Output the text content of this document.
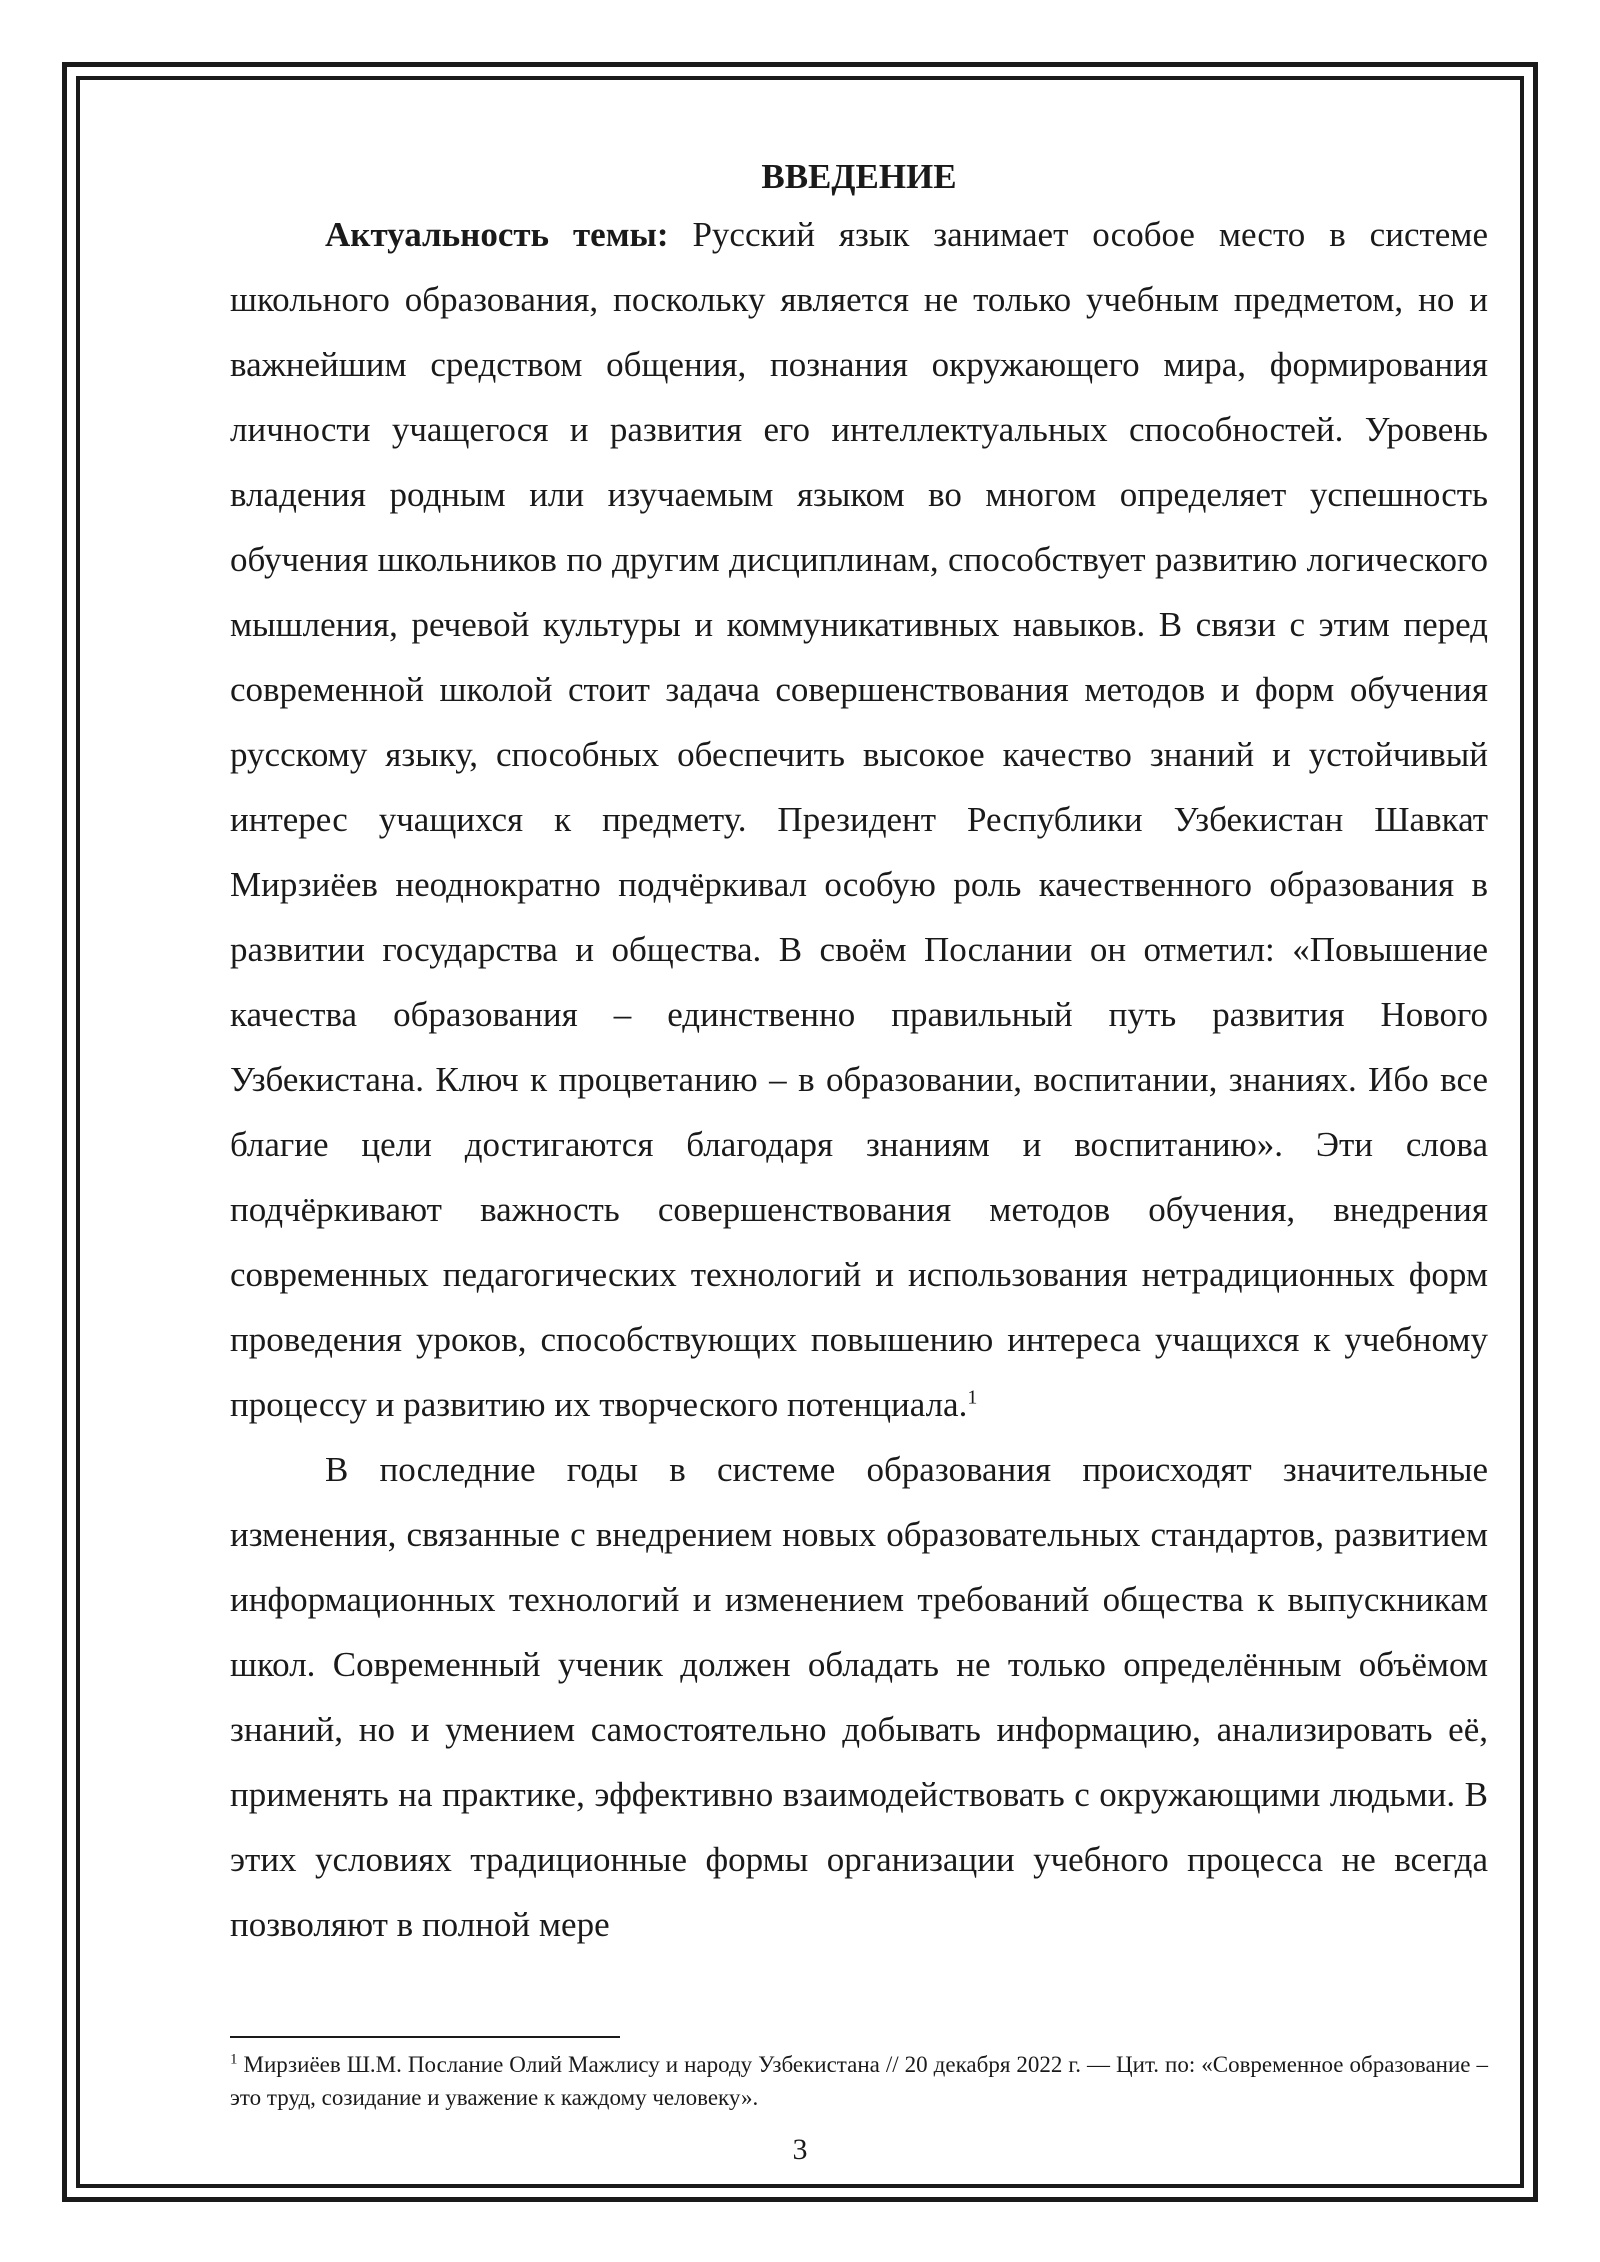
ВВЕДЕНИЕ

Актуальность темы: Русский язык занимает особое место в системе школьного образования, поскольку является не только учебным предметом, но и важнейшим средством общения, познания окружающего мира, формирования личности учащегося и развития его интеллектуальных способностей. Уровень владения родным или изучаемым языком во многом определяет успешность обучения школьников по другим дисциплинам, способствует развитию логического мышления, речевой культуры и коммуникативных навыков. В связи с этим перед современной школой стоит задача совершенствования методов и форм обучения русскому языку, способных обеспечить высокое качество знаний и устойчивый интерес учащихся к предмету. Президент Республики Узбекистан Шавкат Мирзиёев неоднократно подчёркивал особую роль качественного образования в развитии государства и общества. В своём Послании он отметил: «Повышение качества образования – единственно правильный путь развития Нового Узбекистана. Ключ к процветанию – в образовании, воспитании, знаниях. Ибо все благие цели достигаются благодаря знаниям и воспитанию». Эти слова подчёркивают важность совершенствования методов обучения, внедрения современных педагогических технологий и использования нетрадиционных форм проведения уроков, способствующих повышению интереса учащихся к учебному процессу и развитию их творческого потенциала.$^1$

В последние годы в системе образования происходят значительные изменения, связанные с внедрением новых образовательных стандартов, развитием информационных технологий и изменением требований общества к выпускникам школ. Современный ученик должен обладать не только определённым объёмом знаний, но и умением самостоятельно добывать информацию, анализировать её, применять на практике, эффективно взаимодействовать с окружающими людьми. В этих условиях традиционные формы организации учебного процесса не всегда позволяют в полной мере

$^1$ Мирзиёев Ш.М. Послание Олий Мажлису и народу Узбекистана // 20 декабря 2022 г. — Цит. по: «Современное образование – это труд, созидание и уважение к каждому человеку».

3
